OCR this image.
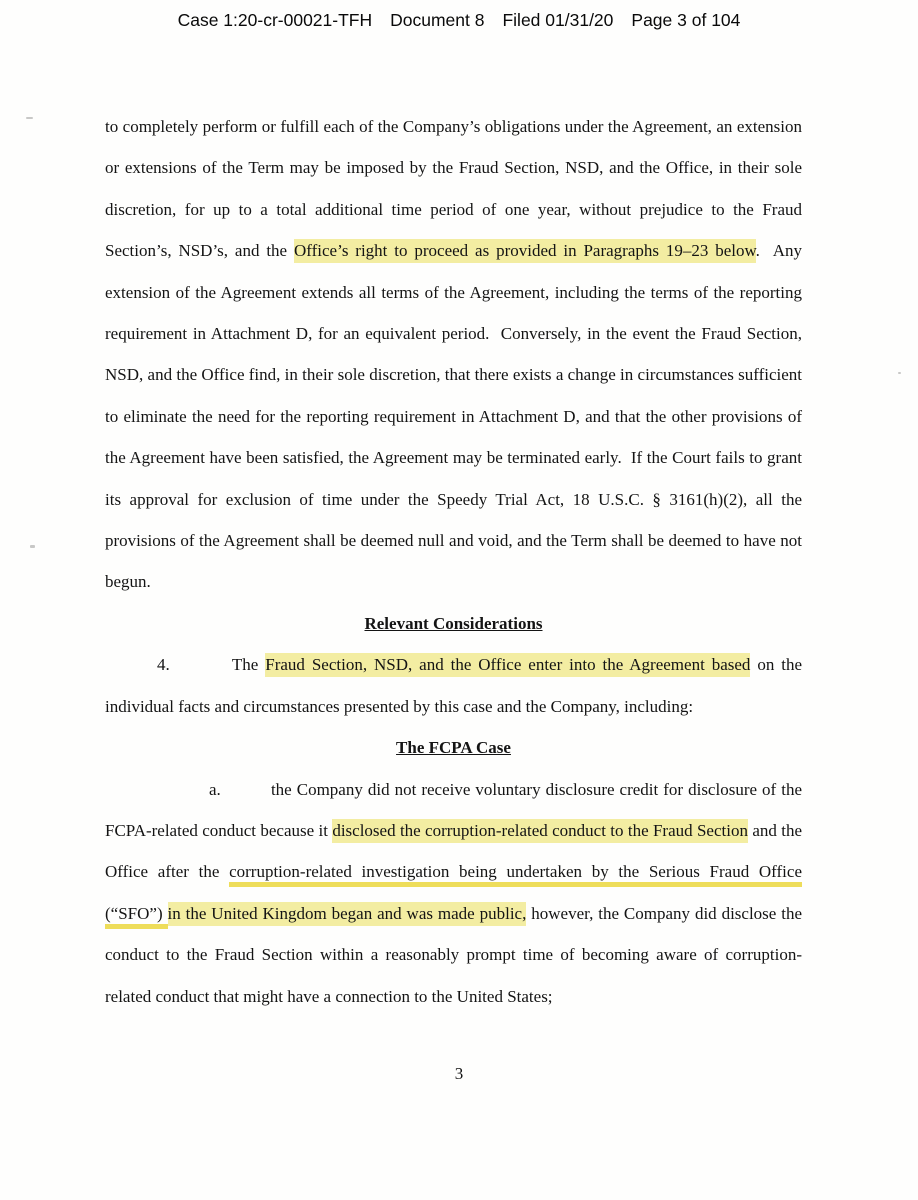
Case 1:20-cr-00021-TFH Document 8 Filed 01/31/20 Page 3 of 104

to completely perform or fulfill each of the Company’s obligations under the Agreement, an extension or extensions of the Term may be imposed by the Fraud Section, NSD, and the Office, in their sole discretion, for up to a total additional time period of one year, without prejudice to the Fraud Section’s, NSD’s, and the Office’s right to proceed as provided in Paragraphs 19–23 below.  Any extension of the Agreement extends all terms of the Agreement, including the terms of the reporting requirement in Attachment D, for an equivalent period.  Conversely, in the event the Fraud Section, NSD, and the Office find, in their sole discretion, that there exists a change in circumstances sufficient to eliminate the need for the reporting requirement in Attachment D, and that the other provisions of the Agreement have been satisfied, the Agreement may be terminated early.  If the Court fails to grant its approval for exclusion of time under the Speedy Trial Act, 18 U.S.C. § 3161(h)(2), all the provisions of the Agreement shall be deemed null and void, and the Term shall be deemed to have not begun.

Relevant Considerations

4.         The Fraud Section, NSD, and the Office enter into the Agreement based on the individual facts and circumstances presented by this case and the Company, including:

The FCPA Case

a.          the Company did not receive voluntary disclosure credit for disclosure of the FCPA-related conduct because it disclosed the corruption-related conduct to the Fraud Section and the Office after the corruption-related investigation being undertaken by the Serious Fraud Office (“SFO”) in the United Kingdom began and was made public, however, the Company did disclose the conduct to the Fraud Section within a reasonably prompt time of becoming aware of corruption-related conduct that might have a connection to the United States;

3
